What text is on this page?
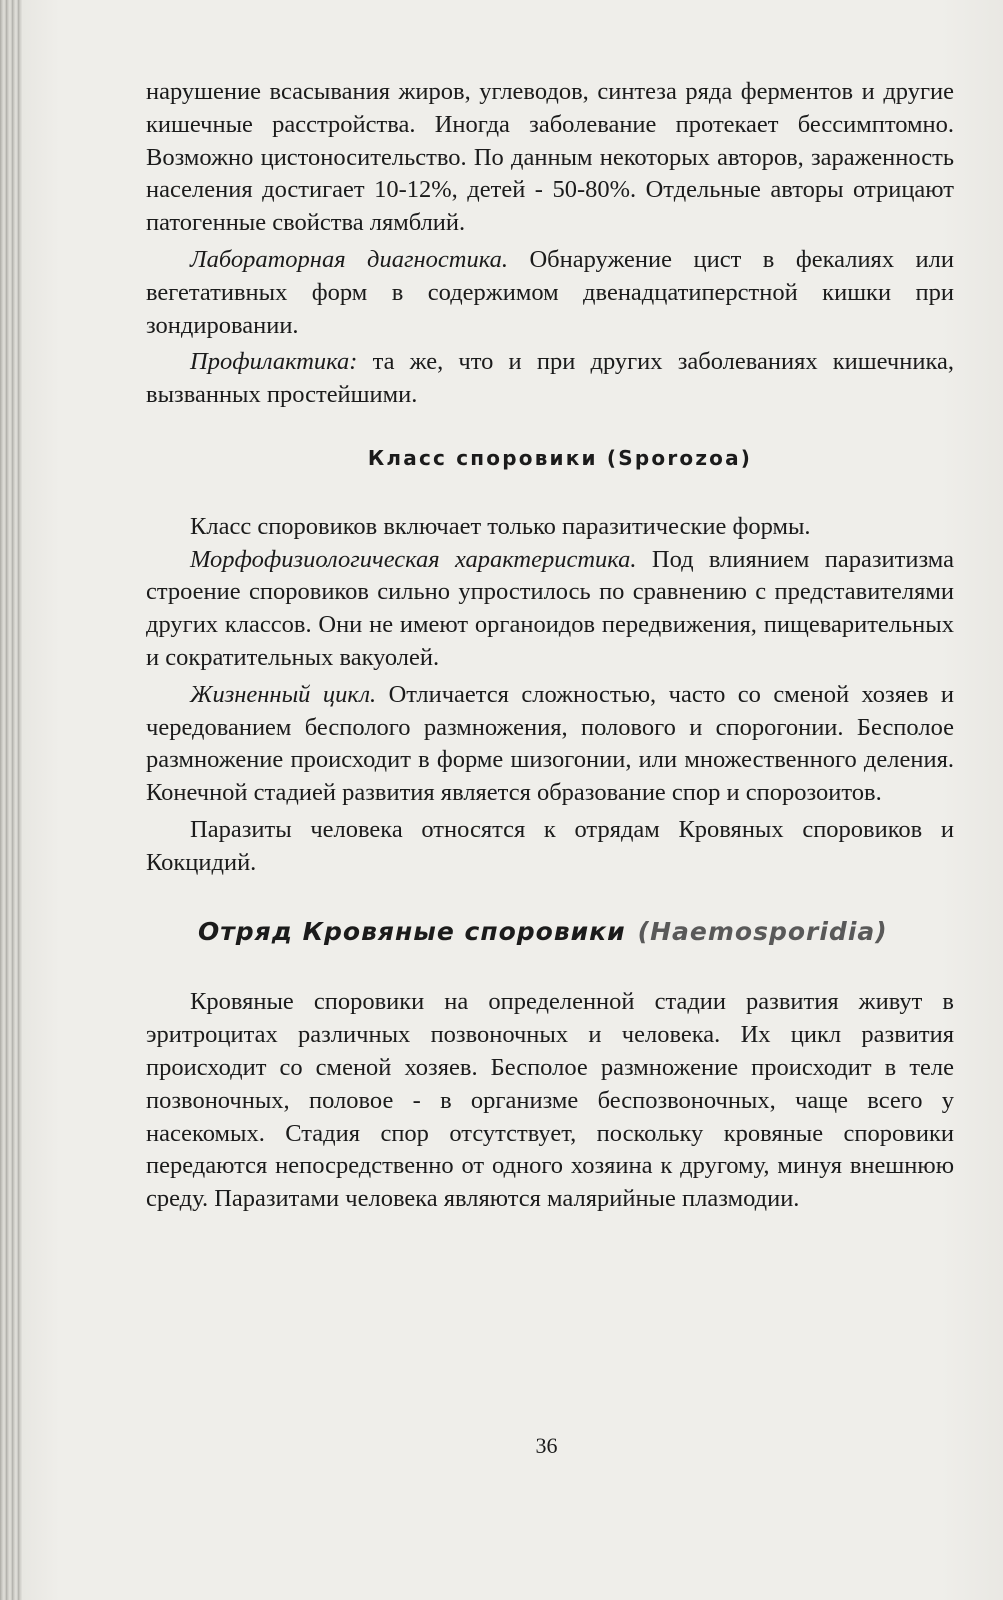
нарушение всасывания жиров, углеводов, синтеза ряда ферментов и другие кишечные расстройства. Иногда заболевание протекает бессимптомно. Возможно цистоносительство. По данным некоторых авторов, зараженность населения достигает 10-12%, детей - 50-80%. Отдельные авторы отрицают патогенные свойства лямблий.

Лабораторная диагностика. Обнаружение цист в фекалиях или вегетативных форм в содержимом двенадцатиперстной кишки при зондировании.

Профилактика: та же, что и при других заболеваниях кишечника, вызванных простейшими.

Класс споровики (Sporozoa)

Класс споровиков включает только паразитические формы.

Морфофизиологическая характеристика. Под влиянием паразитизма строение споровиков сильно упростилось по сравнению с представителями других классов. Они не имеют органоидов передвижения, пищеварительных и сократительных вакуолей.

Жизненный цикл. Отличается сложностью, часто со сменой хозяев и чередованием бесполого размножения, полового и спорогонии. Бесполое размножение происходит в форме шизогонии, или множественного деления. Конечной стадией развития является образование спор и спорозоитов.

Паразиты человека относятся к отрядам Кровяных споровиков и Кокцидий.

Отряд Кровяные споровики (Haemosporidia)

Кровяные споровики на определенной стадии развития живут в эритроцитах различных позвоночных и человека. Их цикл развития происходит со сменой хозяев. Бесполое размножение происходит в теле позвоночных, половое - в организме беспозвоночных, чаще всего у насекомых. Стадия спор отсутствует, поскольку кровяные споровики передаются непосредственно от одного хозяина к другому, минуя внешнюю среду. Паразитами человека являются малярийные плазмодии.

36
